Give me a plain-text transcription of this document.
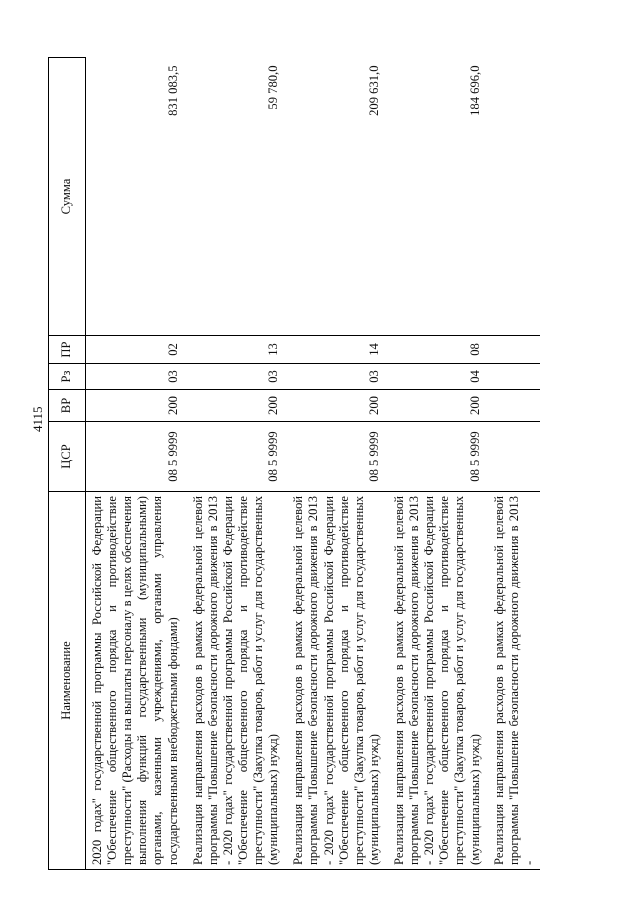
4115
Наименование	ЦСР	ВР	Рз	ПР	Сумма
2020 годах" государственной программы Российской Федерации "Обеспечение общественного порядка и противодействие преступности" (Расходы на выплаты персоналу в целях обеспечения выполнения функций государственными (муниципальными) органами, казенными учреждениями, органами управления государственными внебюджетными фондами)	08 5 9999	200	03	02	831 083,5
Реализация направления расходов в рамках федеральной целевой программы "Повышение безопасности дорожного движения в 2013 - 2020 годах" государственной программы Российской Федерации "Обеспечение общественного порядка и противодействие преступности" (Закупка товаров, работ и услуг для государственных (муниципальных) нужд)	08 5 9999	200	03	13	59 780,0
Реализация направления расходов в рамках федеральной целевой программы "Повышение безопасности дорожного движения в 2013 - 2020 годах" государственной программы Российской Федерации "Обеспечение общественного порядка и противодействие преступности" (Закупка товаров, работ и услуг для государственных (муниципальных) нужд)	08 5 9999	200	03	14	209 631,0
Реализация направления расходов в рамках федеральной целевой программы "Повышение безопасности дорожного движения в 2013 - 2020 годах" государственной программы Российской Федерации "Обеспечение общественного порядка и противодействие преступности" (Закупка товаров, работ и услуг для государственных (муниципальных) нужд)	08 5 9999	200	04	08	184 696,0
Реализация направления расходов в рамках федеральной целевой программы "Повышение безопасности дорожного движения в 2013 -					
